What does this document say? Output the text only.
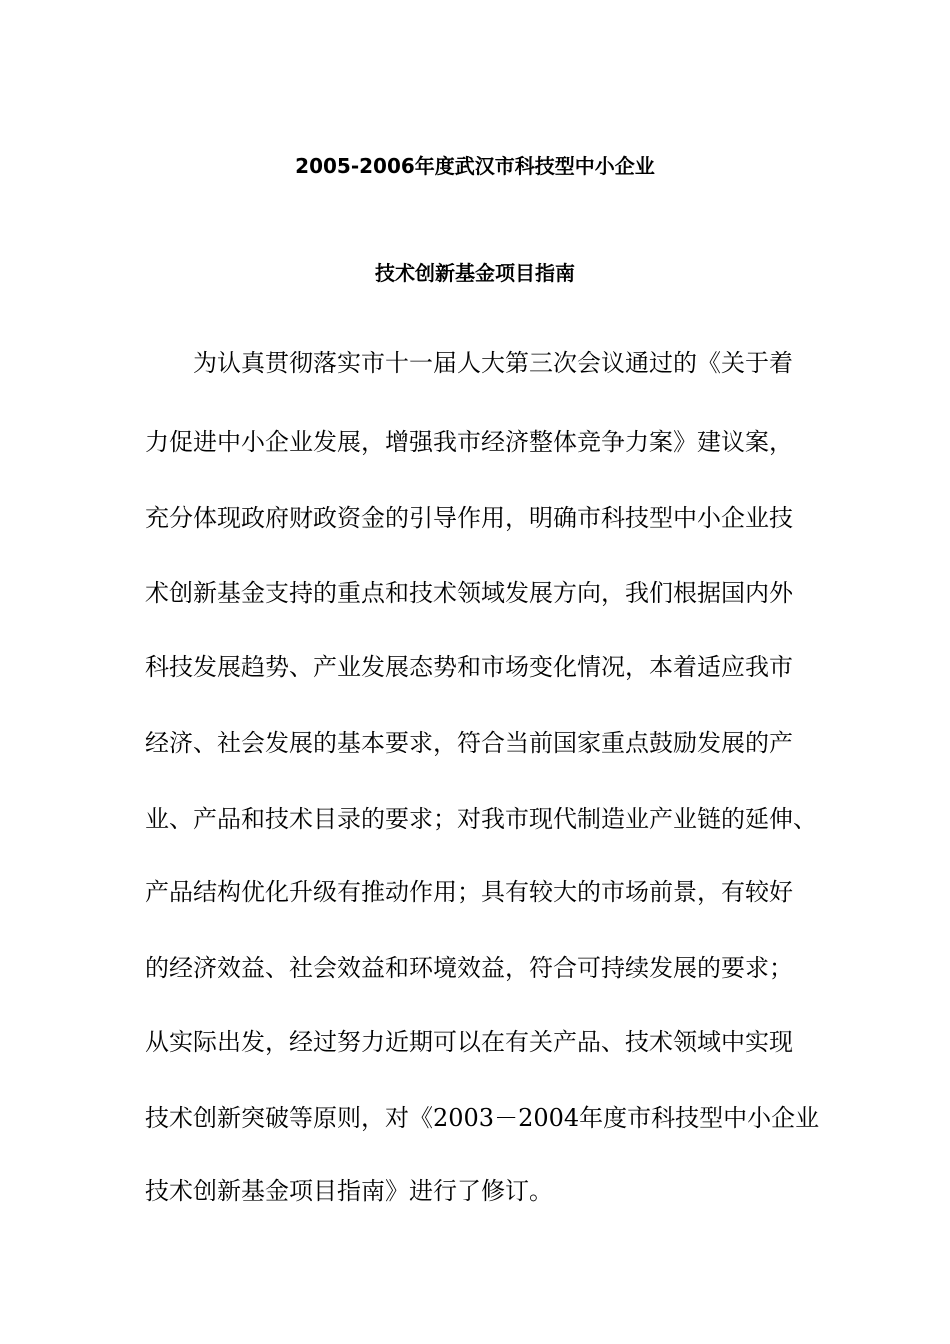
2005-2006年度武汉市科技型中小企业
技术创新基金项目指南
为认真贯彻落实市十一届人大第三次会议通过的《关于着
力促进中小企业发展，增强我市经济整体竞争力案》建议案，
充分体现政府财政资金的引导作用，明确市科技型中小企业技
术创新基金支持的重点和技术领域发展方向，我们根据国内外
科技发展趋势、产业发展态势和市场变化情况，本着适应我市
经济、社会发展的基本要求，符合当前国家重点鼓励发展的产
业、产品和技术目录的要求；对我市现代制造业产业链的延伸、
产品结构优化升级有推动作用；具有较大的市场前景，有较好
的经济效益、社会效益和环境效益，符合可持续发展的要求；
从实际出发，经过努力近期可以在有关产品、技术领域中实现
技术创新突破等原则，对《2003－2004年度市科技型中小企业
技术创新基金项目指南》进行了修订。
